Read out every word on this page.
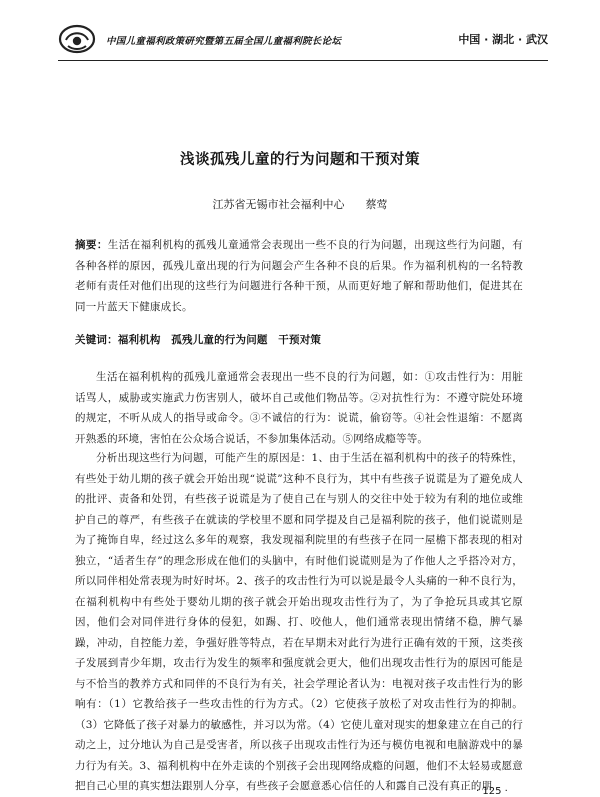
中国儿童福利政策研究暨第五届全国儿童福利院长论坛	中国 · 湖北 · 武汉
浅谈孤残儿童的行为问题和干预对策
江苏省无锡市社会福利中心 蔡莺
摘要：生活在福利机构的孤残儿童通常会表现出一些不良的行为问题，出现这些行为问题，有各种各样的原因，孤残儿童出现的行为问题会产生各种不良的后果。作为福利机构的一名特教老师有责任对他们出现的这些行为问题进行各种干预，从而更好地了解和帮助他们，促进其在同一片蓝天下健康成长。
关键词：福利机构　孤残儿童的行为问题　干预对策
生活在福利机构的孤残儿童通常会表现出一些不良的行为问题，如：①攻击性行为：用脏话骂人，威胁或实施武力伤害别人，破坏自己或他们物品等。②对抗性行为：不遵守院处环境的规定，不听从成人的指导或命令。③不诚信的行为：说谎，偷窃等。④社会性退缩：不愿离开熟悉的环境，害怕在公众场合说话，不参加集体活动。⑤网络成瘾等等。
分析出现这些行为问题，可能产生的原因是：1、由于生活在福利机构中的孩子的特殊性，有些处于幼儿期的孩子就会开始出现“说谎”这种不良行为，其中有些孩子说谎是为了避免成人的批评、责备和处罚，有些孩子说谎是为了使自己在与别人的交往中处于较为有利的地位或维护自己的尊严，有些孩子在就读的学校里不愿和同学提及自己是福利院的孩子，他们说谎则是为了掩饰自卑，经过这么多年的观察，我发现福利院里的有些孩子在同一屋檐下都表现的相对独立，“适者生存”的理念形成在他们的头脑中，有时他们说谎则是为了作他人之乎搭冷对方，所以同伴相处常表现为时好时坏。2、孩子的攻击性行为可以说是最令人头痛的一种不良行为，在福利机构中有些处于婴幼儿期的孩子就会开始出现攻击性行为了，为了争抢玩具或其它原因，他们会对同伴进行身体的侵犯，如踢、打、咬他人，他们通常表现出情绪不稳，脾气暴躁，冲动，自控能力差，争强好胜等特点，若在早期未对此行为进行正确有效的干预，这类孩子发展到青少年期，攻击行为发生的频率和强度就会更大，他们出现攻击性行为的原因可能是与不恰当的教养方式和同伴的不良行为有关，社会学理论者认为：电视对孩子攻击性行为的影响有：（1）它教给孩子一些攻击性的行为方式。（2）它使孩子放松了对攻击性行为的抑制。（3）它降低了孩子对暴力的敏感性，并习以为常。（4）它使儿童对现实的想象建立在自己的行动之上，过分地认为自己是受害者，所以孩子出现攻击性行为还与模仿电视和电脑游戏中的暴力行为有关。3、福利机构中在外走读的个别孩子会出现网络成瘾的问题，他们不太轻易或愿意把自己心里的真实想法跟别人分享，有些孩子会愿意悉心信任的人和露自己没有真正的朋
· 125 ·
